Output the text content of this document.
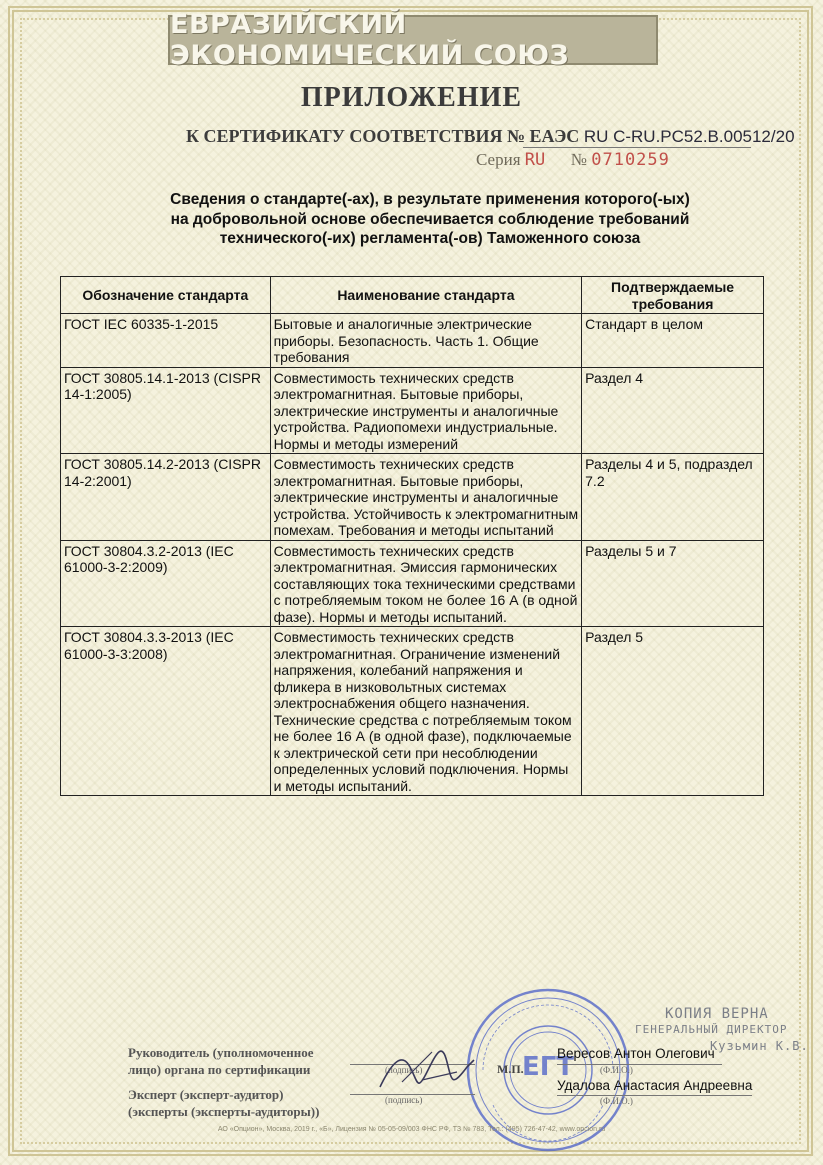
ЕВРАЗИЙСКИЙ ЭКОНОМИЧЕСКИЙ СОЮЗ
ПРИЛОЖЕНИЕ
К СЕРТИФИКАТУ СООТВЕТСТВИЯ № ЕАЭС RU C-RU.PC52.B.00512/20
Серия RU № 0710259
Сведения о стандарте(-ах), в результате применения которого(-ых)
на добровольной основе обеспечивается соблюдение требований
технического(-их) регламента(-ов) Таможенного союза
Обозначение стандарта	Наименование стандарта	Подтверждаемые требования
ГОСТ IEC 60335-1-2015	Бытовые и аналогичные электрические приборы. Безопасность. Часть 1. Общие требования	Стандарт в целом
ГОСТ 30805.14.1-2013 (CISPR 14-1:2005)	Совместимость технических средств электромагнитная. Бытовые приборы, электрические инструменты и аналогичные устройства. Радиопомехи индустриальные. Нормы и методы измерений	Раздел 4
ГОСТ 30805.14.2-2013 (CISPR 14-2:2001)	Совместимость технических средств электромагнитная. Бытовые приборы, электрические инструменты и аналогичные устройства. Устойчивость к электромагнитным помехам. Требования и методы испытаний	Разделы 4 и 5, подраздел 7.2
ГОСТ 30804.3.2-2013 (IEC 61000-3-2:2009)	Совместимость технических средств электромагнитная. Эмиссия гармонических составляющих тока техническими средствами с потребляемым током не более 16 А (в одной фазе). Нормы и методы испытаний.	Разделы 5 и 7
ГОСТ 30804.3.3-2013 (IEC 61000-3-3:2008)	Совместимость технических средств электромагнитная. Ограничение изменений напряжения, колебаний напряжения и фликера в низковольтных системах электроснабжения общего назначения. Технические средства с потребляемым током не более 16 А (в одной фазе), подключаемые к электрической сети при несоблюдении определенных условий подключения. Нормы и методы испытаний.	Раздел 5
ЕГТ
Руководитель (уполномоченное
лицо) органа по сертификации
Эксперт (эксперт-аудитор)
(эксперты (эксперты-аудиторы))
(подпись)
(подпись)
М.П.
Вересов Антон Олегович
(Ф.И.О.)
Удалова Анастасия Андреевна
(Ф.И.О.)
КОПИЯ ВЕРНА
ГЕНЕРАЛЬНЫЙ ДИРЕКТОР
Кузьмин К.В.
АО «Опцион», Москва, 2019 г., «Б», Лицензия № 05-05-09/003 ФНС РФ, ТЗ № 783, Тел.: (495) 726-47-42, www.opcion.ru
